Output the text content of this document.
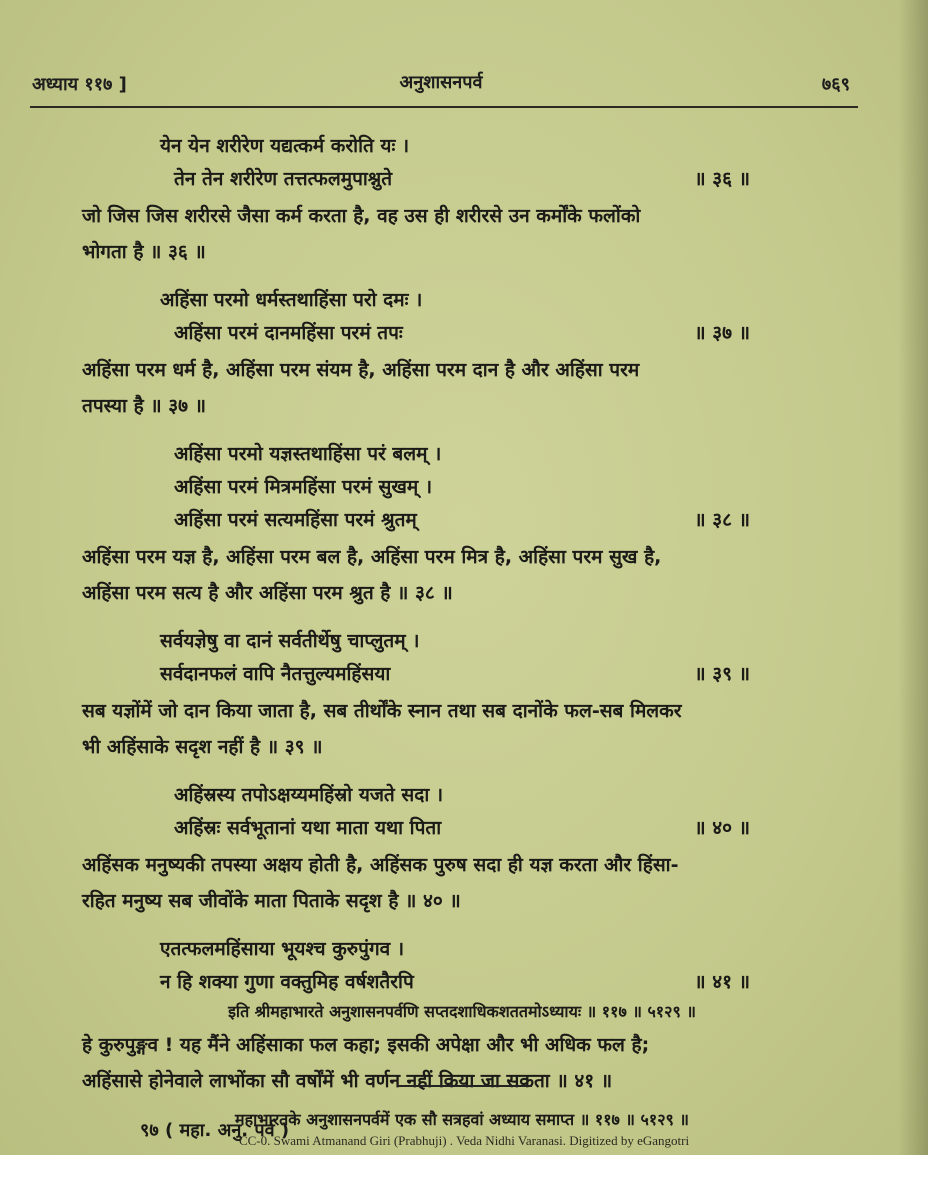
अध्याय ११७ ]	अनुशासनपर्व	७६९
येन येन शरीरेण यद्यत्कर्म करोति यः ।
तेन तेन शरीरेण तत्तत्फलमुपाश्नुते	॥ ३६ ॥
जो जिस जिस शरीरसे जैसा कर्म करता है, वह उस ही शरीरसे उन कर्मोंके फलोंको
भोगता है ॥ ३६ ॥
अहिंसा परमो धर्मस्तथाहिंसा परो दमः ।
अहिंसा परमं दानमहिंसा परमं तपः	॥ ३७ ॥
अहिंसा परम धर्म है, अहिंसा परम संयम है, अहिंसा परम दान है और अहिंसा परम
तपस्या है ॥ ३७ ॥
अहिंसा परमो यज्ञस्तथाहिंसा परं बलम् ।
अहिंसा परमं मित्रमहिंसा परमं सुखम् ।
अहिंसा परमं सत्यमहिंसा परमं श्रुतम्	॥ ३८ ॥
अहिंसा परम यज्ञ है, अहिंसा परम बल है, अहिंसा परम मित्र है, अहिंसा परम सुख है,
अहिंसा परम सत्य है और अहिंसा परम श्रुत है ॥ ३८ ॥
सर्वयज्ञेषु वा दानं सर्वतीर्थेषु चाप्लुतम् ।
सर्वदानफलं वापि नैतत्तुल्यमहिंसया	॥ ३९ ॥
सब यज्ञोंमें जो दान किया जाता है, सब तीर्थोंके स्नान तथा सब दानोंके फल-सब मिलकर
भी अहिंसाके सदृश नहीं है ॥ ३९ ॥
अहिंस्रस्य तपोऽक्षय्यमहिंस्रो यजते सदा ।
अहिंस्रः सर्वभूतानां यथा माता यथा पिता	॥ ४० ॥
अहिंसक मनुष्यकी तपस्या अक्षय होती है, अहिंसक पुरुष सदा ही यज्ञ करता और हिंसा-
रहित मनुष्य सब जीवोंके माता पिताके सदृश है ॥ ४० ॥
एतत्फलमहिंसाया भूयश्च कुरुपुंगव ।
न हि शक्या गुणा वक्तुमिह वर्षशतैरपि	॥ ४१ ॥
इति श्रीमहाभारते अनुशासनपर्वणि सप्तदशाधिकशततमोऽध्यायः ॥ ११७ ॥ ५१२९ ॥
हे कुरुपुङ्गव ! यह मैंने अहिंसाका फल कहा; इसकी अपेक्षा और भी अधिक फल है;
अहिंसासे होनेवाले लाभोंका सौ वर्षोंमें भी वर्णन नहीं किया जा सकता ॥ ४१ ॥
महाभारतके अनुशासनपर्वमें एक सौ सत्रहवां अध्याय समाप्त ॥ ११७ ॥ ५१२९ ॥
९७ ( महा. अनु. पर्व )
CC-0. Swami Atmanand Giri (Prabhuji) . Veda Nidhi Varanasi. Digitized by eGangotri
